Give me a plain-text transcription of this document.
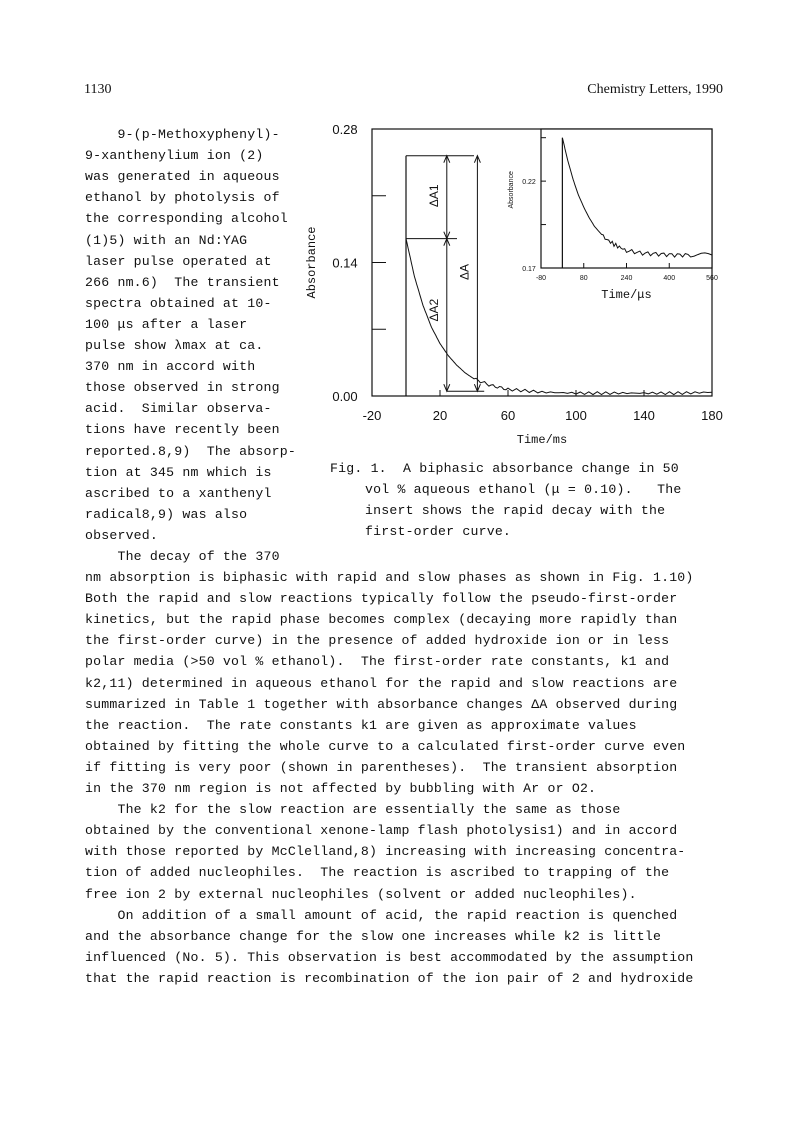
1130	Chemistry Letters, 1990
9-(p-Methoxyphenyl)-
9-xanthenylium ion (2)
was generated in aqueous
ethanol by photolysis of
the corresponding alcohol
(1)5) with an Nd:YAG
laser pulse operated at
266 nm.6)  The transient
spectra obtained at 10-
100 μs after a laser
pulse show λmax at ca.
370 nm in accord with
those observed in strong
acid.  Similar observa-
tions have recently been
reported.8,9)  The absorp-
tion at 345 nm which is
ascribed to a xanthenyl
radical8,9) was also
observed.
The decay of the 370
nm absorption is biphasic with rapid and slow phases as shown in Fig. 1.10)
Both the rapid and slow reactions typically follow the pseudo-first-order
kinetics, but the rapid phase becomes complex (decaying more rapidly than
the first-order curve) in the presence of added hydroxide ion or in less
polar media (>50 vol % ethanol).  The first-order rate constants, k1 and
k2,11) determined in aqueous ethanol for the rapid and slow reactions are
summarized in Table 1 together with absorbance changes ΔA observed during
the reaction.  The rate constants k1 are given as approximate values
obtained by fitting the whole curve to a calculated first-order curve even
if fitting is very poor (shown in parentheses).  The transient absorption
in the 370 nm region is not affected by bubbling with Ar or O2.
The k2 for the slow reaction are essentially the same as those
obtained by the conventional xenone-lamp flash photolysis1) and in accord
with those reported by McClelland,8) increasing with increasing concentra-
tion of added nucleophiles.  The reaction is ascribed to trapping of the
free ion 2 by external nucleophiles (solvent or added nucleophiles).
On addition of a small amount of acid, the rapid reaction is quenched
and the absorbance change for the slow one increases while k2 is little
influenced (No. 5). This observation is best accommodated by the assumption
that the rapid reaction is recombination of the ion pair of 2 and hydroxide
0.00
0.14
0.28
-20	20	60	100	140	180
Time/ms
Absorbance
ΔA1
ΔA2
ΔA	0.17
0.22
-80	80	240	400	560
Time/μs
Absorbance
Fig. 1.  A biphasic absorbance change in 50
vol % aqueous ethanol (μ = 0.10).   The
insert shows the rapid decay with the
first-order curve.
